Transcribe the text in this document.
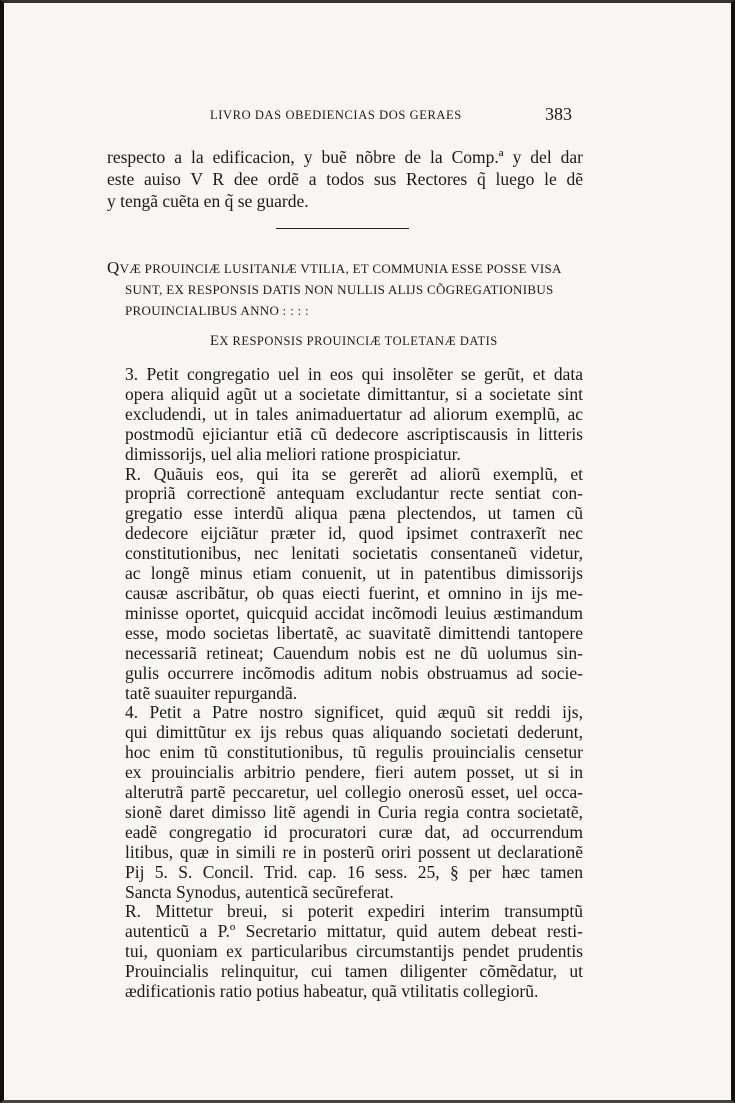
LIVRO DAS OBEDIENCIAS DOS GERAES	383
respecto a la edificacion, y buẽ nõbre de la Comp.ª y del dar
este auiso V R dee ordẽ a todos sus Rectores q̃ luego le dẽ
y tengã cuẽta en q̃ se guarde.
QVÆ PROUINCIÆ LUSITANIÆ VTILIA, ET COMMUNIA ESSE POSSE VISA
SUNT, EX RESPONSIS DATIS NON NULLIS ALIJS CÕGREGATIONIBUS
PROUINCIALIBUS ANNO : : : :
EX RESPONSIS PROUINCIÆ TOLETANÆ DATIS
3. Petit congregatio uel in eos qui insolẽter se gerũt, et data
opera aliquid agũt ut a societate dimittantur, si a societate sint
excludendi, ut in tales animaduertatur ad aliorum exemplũ, ac
postmodũ ejiciantur etiã cũ dedecore ascriptiscausis in litteris
dimissorijs, uel alia meliori ratione prospiciatur.
R. Quãuis eos, qui ita se gererẽt ad aliorũ exemplũ, et
propriã correctionẽ antequam excludantur recte sentiat con-
gregatio esse interdũ aliqua pæna plectendos, ut tamen cũ
dedecore eijciãtur præter id, quod ipsimet contraxerĩt nec
constitutionibus, nec lenitati societatis consentaneũ videtur,
ac longẽ minus etiam conuenit, ut in patentibus dimissorijs
causæ ascribãtur, ob quas eiecti fuerint, et omnino in ijs me-
minisse oportet, quicquid accidat incõmodi leuius æstimandum
esse, modo societas libertatẽ, ac suavitatẽ dimittendi tantopere
necessariã retineat; Cauendum nobis est ne dũ uolumus sin-
gulis occurrere incõmodis aditum nobis obstruamus ad socie-
tatẽ suauiter repurgandã.
4. Petit a Patre nostro significet, quid æquũ sit reddi ijs,
qui dimittũtur ex ijs rebus quas aliquando societati dederunt,
hoc enim tũ constitutionibus, tũ regulis prouincialis censetur
ex prouincialis arbitrio pendere, fieri autem posset, ut si in
alterutrã partẽ peccaretur, uel collegio onerosũ esset, uel occa-
sionẽ daret dimisso litẽ agendi in Curia regia contra societatẽ,
eadẽ congregatio id procuratori curæ dat, ad occurrendum
litibus, quæ in simili re in posterũ oriri possent ut declarationẽ
Pij 5. S. Concil. Trid. cap. 16 sess. 25, § per hæc tamen
Sancta Synodus, autenticã secũreferat.
R. Mittetur breui, si poterit expediri interim transumptũ
autenticũ a P.º Secretario mittatur, quid autem debeat resti-
tui, quoniam ex particularibus circumstantijs pendet prudentis
Prouincialis relinquitur, cui tamen diligenter cõmẽdatur, ut
ædificationis ratio potius habeatur, quã vtilitatis collegiorũ.
